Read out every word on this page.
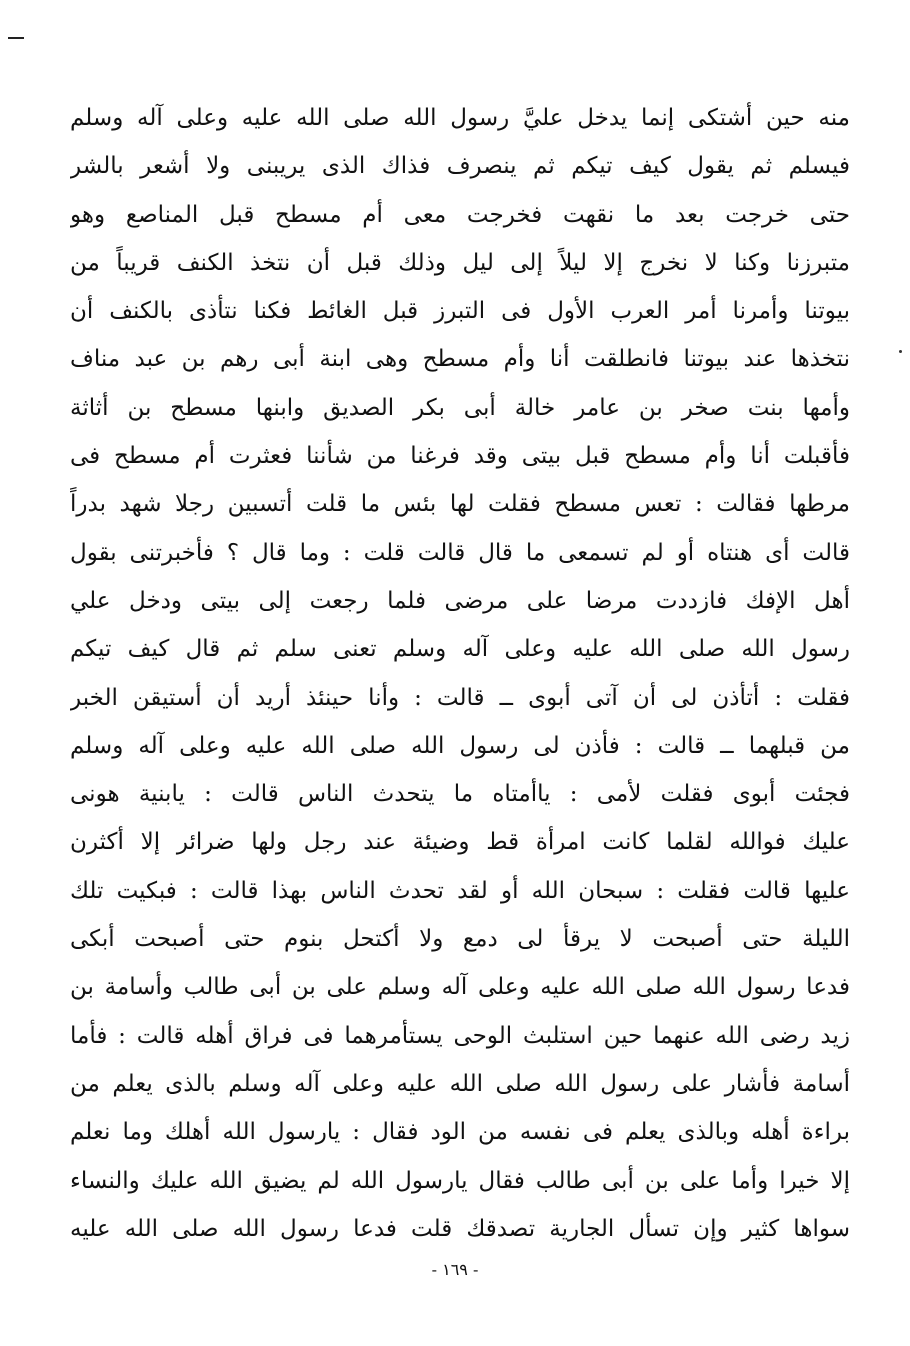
منه حين أشتكى إنما يدخل عليَّ رسول الله صلى الله عليه وعلى آله وسلم
فيسلم ثم يقول كيف تيكم ثم ينصرف فذاك الذى يريبنى ولا أشعر بالشر
حتى خرجت بعد ما نقهت فخرجت معى أم مسطح قبل المناصع وهو
متبرزنا وكنا لا نخرج إلا ليلاً إلى ليل وذلك قبل أن نتخذ الكنف قريباً من
بيوتنا وأمرنا أمر العرب الأول فى التبرز قبل الغائط فكنا نتأذى بالكنف أن
نتخذها عند بيوتنا فانطلقت أنا وأم مسطح وهى ابنة أبى رهم بن عبد مناف
وأمها بنت صخر بن عامر خالة أبى بكر الصديق وابنها مسطح بن أثاثة
فأقبلت أنا وأم مسطح قبل بيتى وقد فرغنا من شأننا فعثرت أم مسطح فى
مرطها فقالت : تعس مسطح فقلت لها بئس ما قلت أتسبين رجلا شهد بدراً
قالت أى هنتاه أو لم تسمعى ما قال قالت قلت : وما قال ؟ فأخبرتنى بقول
أهل الإفك فازددت مرضا على مرضى فلما رجعت إلى بيتى ودخل علي
رسول الله صلى الله عليه وعلى آله وسلم تعنى سلم ثم قال كيف تيكم
فقلت : أتأذن لى أن آتى أبوى ــ قالت : وأنا حينئذ أريد أن أستيقن الخبر
من قبلهما ــ قالت : فأذن لى رسول الله صلى الله عليه وعلى آله وسلم
فجئت أبوى فقلت لأمى : ياأمتاه ما يتحدث الناس قالت : يابنية هونى
عليك فوالله لقلما كانت امرأة قط وضيئة عند رجل ولها ضرائر إلا أكثرن
عليها قالت فقلت : سبحان الله أو لقد تحدث الناس بهذا قالت : فبكيت تلك
الليلة حتى أصبحت لا يرقأ لى دمع ولا أكتحل بنوم حتى أصبحت أبكى
فدعا رسول الله صلى الله عليه وعلى آله وسلم على بن أبى طالب وأسامة بن
زيد رضى الله عنهما حين استلبث الوحى يستأمرهما فى فراق أهله قالت : فأما
أسامة فأشار على رسول الله صلى الله عليه وعلى آله وسلم بالذى يعلم من
براءة أهله وبالذى يعلم فى نفسه من الود فقال : يارسول الله أهلك وما نعلم
إلا خيرا وأما على بن أبى طالب فقال يارسول الله لم يضيق الله عليك والنساء
سواها كثير وإن تسأل الجارية تصدقك قلت فدعا رسول الله صلى الله عليه
- ١٦٩ -
